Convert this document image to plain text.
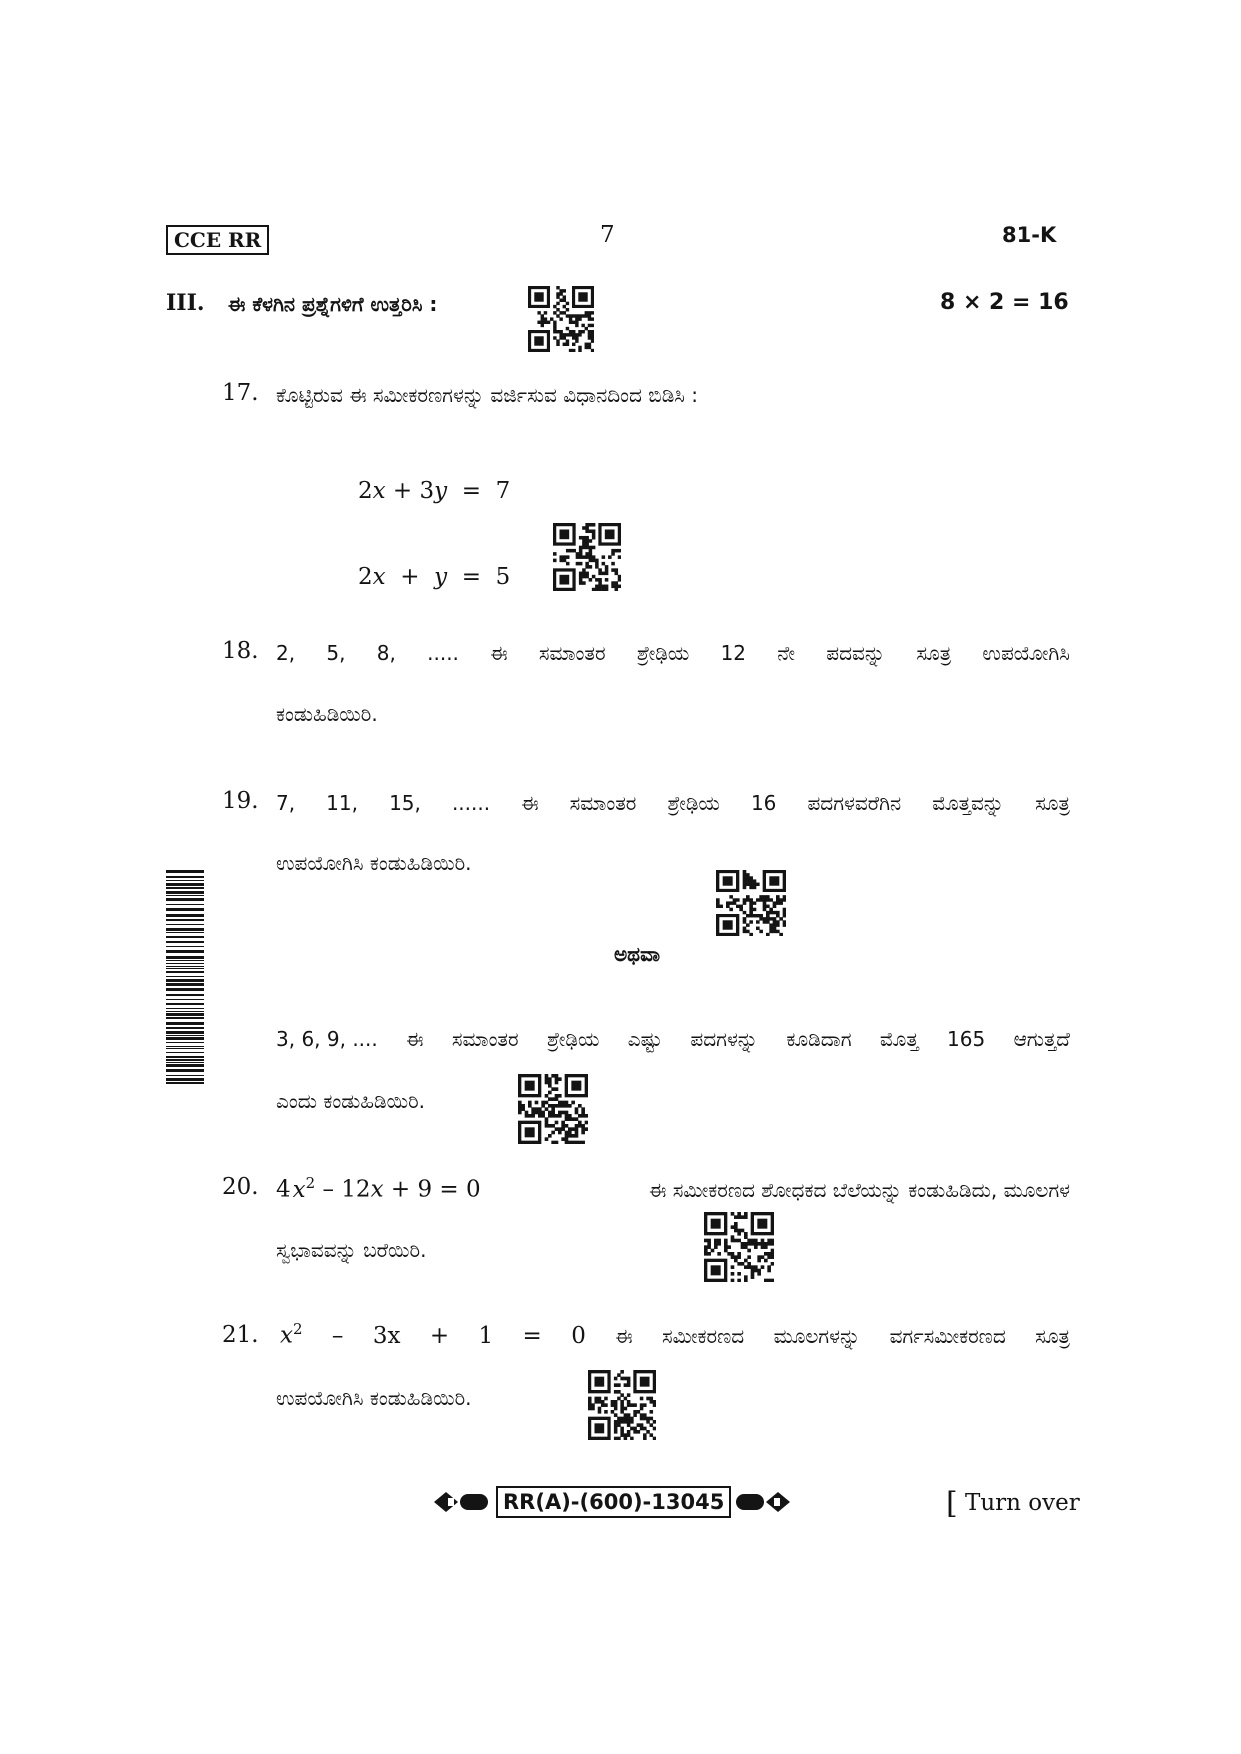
CCE RR	7	81-K
III. ಈ ಕೆಳಗಿನ ಪ್ರಶ್ನೆಗಳಿಗೆ ಉತ್ತರಿಸಿ :	8 × 2 = 16
17. ಕೊಟ್ಟಿರುವ ಈ ಸಮೀಕರಣಗಳನ್ನು ವರ್ಜಿಸುವ ವಿಧಾನದಿಂದ ಬಿಡಿಸಿ :
2x + 3y  =  7
2x  +  y  =  5
18. 2, 5, 8, ..... ಈ ಸಮಾಂತರ ಶ್ರೇಢಿಯ 12 ನೇ ಪದವನ್ನು ಸೂತ್ರ ಉಪಯೋಗಿಸಿ
ಕಂಡುಹಿಡಿಯಿರಿ.
19. 7, 11, 15, ...... ಈ ಸಮಾಂತರ ಶ್ರೇಢಿಯ 16 ಪದಗಳವರೆಗಿನ ಮೊತ್ತವನ್ನು ಸೂತ್ರ
ಉಪಯೋಗಿಸಿ ಕಂಡುಹಿಡಿಯಿರಿ.
ಅಥವಾ
3, 6, 9, .... ಈ ಸಮಾಂತರ ಶ್ರೇಢಿಯ ಎಷ್ಟು ಪದಗಳನ್ನು ಕೂಡಿದಾಗ ಮೊತ್ತ 165 ಆಗುತ್ತದೆ
ಎಂದು ಕಂಡುಹಿಡಿಯಿರಿ.
20. $4x^2 - 12x + 9 = 0$	ಈ ಸಮೀಕರಣದ ಶೋಧಕದ ಬೆಲೆಯನ್ನು ಕಂಡುಹಿಡಿದು, ಮೂಲಗಳ
ಸ್ವಭಾವವನ್ನು ಬರೆಯಿರಿ.
21. $x^2 - 3x + 1 = 0$ ಈ ಸಮೀಕರಣದ ಮೂಲಗಳನ್ನು ವರ್ಗಸಮೀಕರಣದ ಸೂತ್ರ
ಉಪಯೋಗಿಸಿ ಕಂಡುಹಿಡಿಯಿರಿ.
RR(A)-(600)-13045	[ Turn over
